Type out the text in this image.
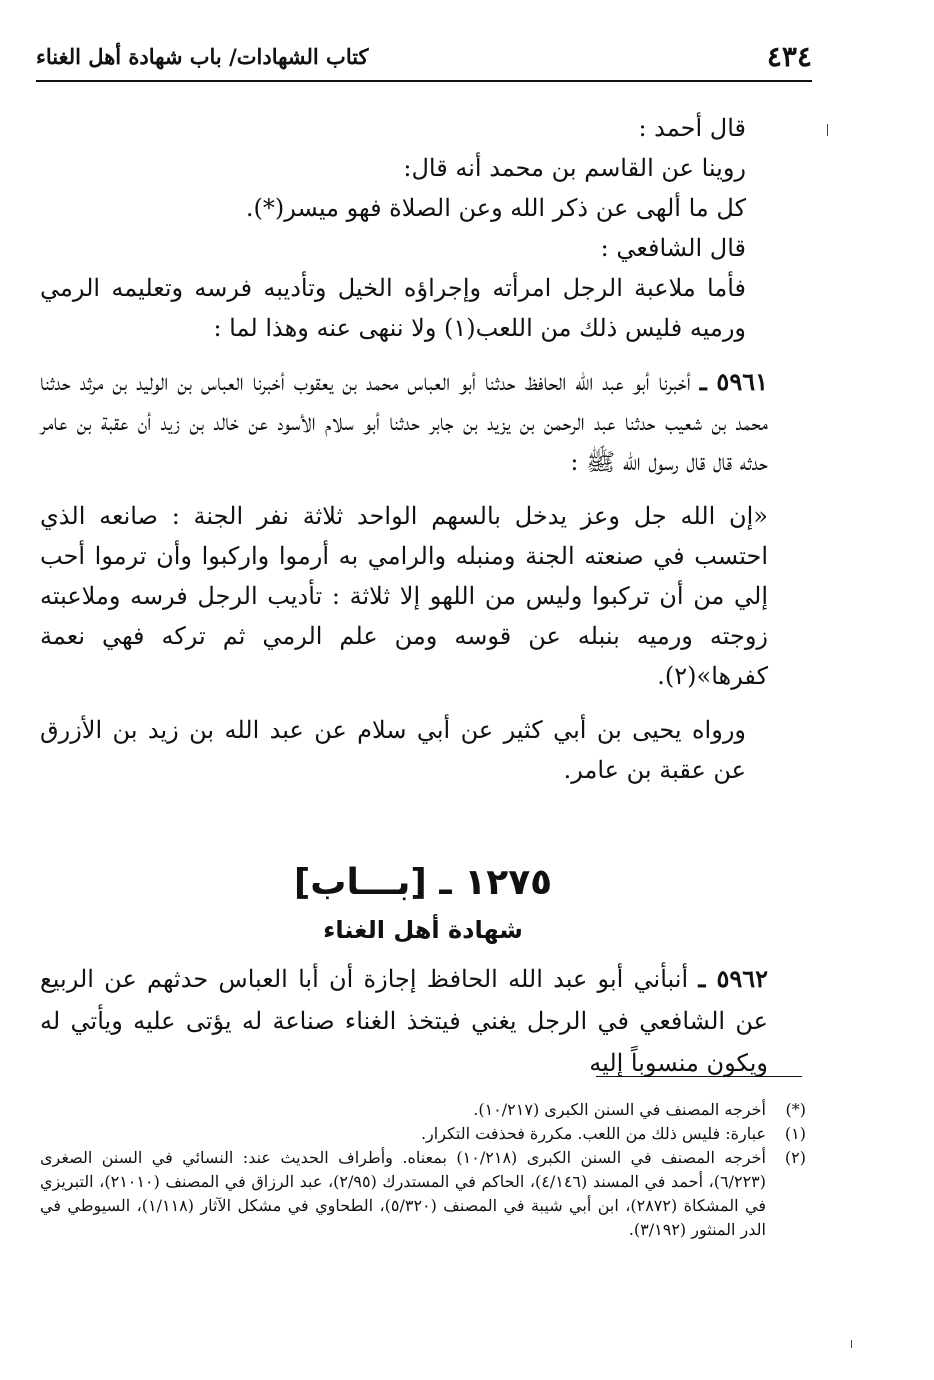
٤٣٤
كتاب الشهادات/ باب شهادة أهل الغناء

قال أحمد :

روينا عن القاسم بن محمد أنه قال:

كل ما ألهى عن ذكر الله وعن الصلاة فهو ميسر(*).

قال الشافعي :

فأما ملاعبة الرجل امرأته وإجراؤه الخيل وتأديبه فرسه وتعليمه الرمي ورميه فليس ذلك من اللعب(١) ولا ننهى عنه وهذا لما :

٥٩٦١ ـ أخبرنا أبو عبد الله الحافظ حدثنا أبو العباس محمد بن يعقوب أخبرنا العباس بن الوليد بن مرثد حدثنا محمد بن شعيب حدثنا عبد الرحمن بن يزيد بن جابر حدثنا أبو سلام الأسود عن خالد بن زيد أن عقبة بن عامر حدثه قال قال رسول الله ﷺ :

«إن الله جل وعز يدخل بالسهم الواحد ثلاثة نفر الجنة : صانعه الذي احتسب في صنعته الجنة ومنبله والرامي به أرموا واركبوا وأن ترموا أحب إلي من أن تركبوا وليس من اللهو إلا ثلاثة : تأديب الرجل فرسه وملاعبته زوجته ورميه بنبله عن قوسه ومن علم الرمي ثم تركه فهي نعمة كفرها»(٢).

ورواه يحيى بن أبي كثير عن أبي سلام عن عبد الله بن زيد بن الأزرق عن عقبة بن عامر.

١٢٧٥ ـ [بـــاب]
شهادة أهل الغناء

٥٩٦٢ ـ أنبأني أبو عبد الله الحافظ إجازة أن أبا العباس حدثهم عن الربيع عن الشافعي في الرجل يغني فيتخذ الغناء صناعة له يؤتى عليه ويأتي له ويكون منسوباً إليه

(*)
أخرجه المصنف في السنن الكبرى (١٠/٢١٧).

(١)
عبارة: فليس ذلك من اللعب. مكررة فحذفت التكرار.

(٢)
أخرجه المصنف في السنن الكبرى (١٠/٢١٨) بمعناه. وأطراف الحديث عند: النسائي في السنن الصغرى (٦/٢٢٣)، أحمد في المسند (٤/١٤٦)، الحاكم في المستدرك (٢/٩٥)، عبد الرزاق في المصنف (٢١٠١٠)، التبريزي في المشكاة (٢٨٧٢)، ابن أبي شيبة في المصنف (٥/٣٢٠)، الطحاوي في مشكل الآثار (١/١١٨)، السيوطي في الدر المنثور (٣/١٩٢).
